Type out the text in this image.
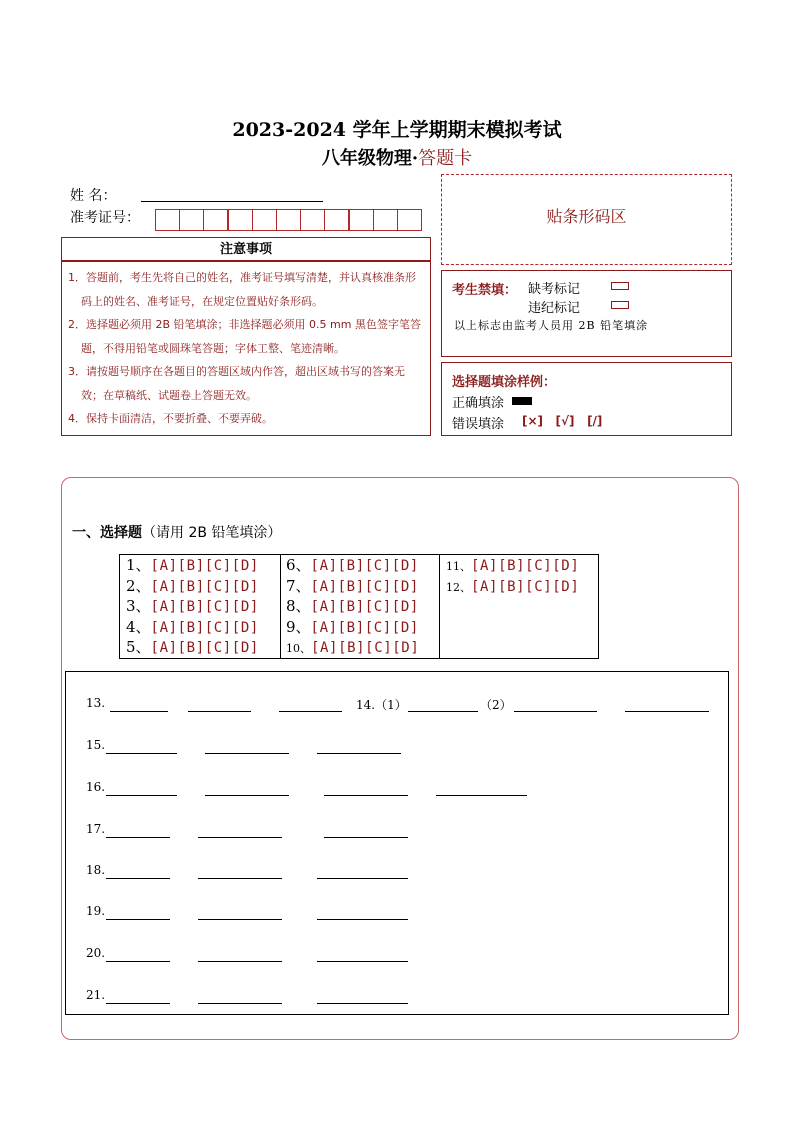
2023-2024 学年上学期期末模拟考试
八年级物理·答题卡
姓 名：
准考证号：
注意事项
1．答题前，考生先将自己的姓名，准考证号填写清楚，并认真核准条形码上的姓名、准考证号，在规定位置贴好条形码。
2．选择题必须用 2B 铅笔填涂；非选择题必须用 0.5 mm 黑色签字笔答题，不得用铅笔或圆珠笔答题；字体工整、笔迹清晰。
3．请按题号顺序在各题目的答题区域内作答，超出区域书写的答案无效；在草稿纸、试题卷上答题无效。
4．保持卡面清洁，不要折叠、不要弄破。
贴条形码区
考生禁填： 缺考标记
违纪标记
以上标志由监考人员用 2B 铅笔填涂
选择题填涂样例：
正确填涂
错误填涂 [×]   [√]   [/]
一、选择题（请用 2B 铅笔填涂）
1、[A][B][C][D]
2、[A][B][C][D]
3、[A][B][C][D]
4、[A][B][C][D]
5、[A][B][C][D]
6、[A][B][C][D]
7、[A][B][C][D]
8、[A][B][C][D]
9、[A][B][C][D]
10、[A][B][C][D]
11、[A][B][C][D]
12、[A][B][C][D]
13.	14.（1）	（2）
15.
16.
17.
18.
19.
20.
21.
